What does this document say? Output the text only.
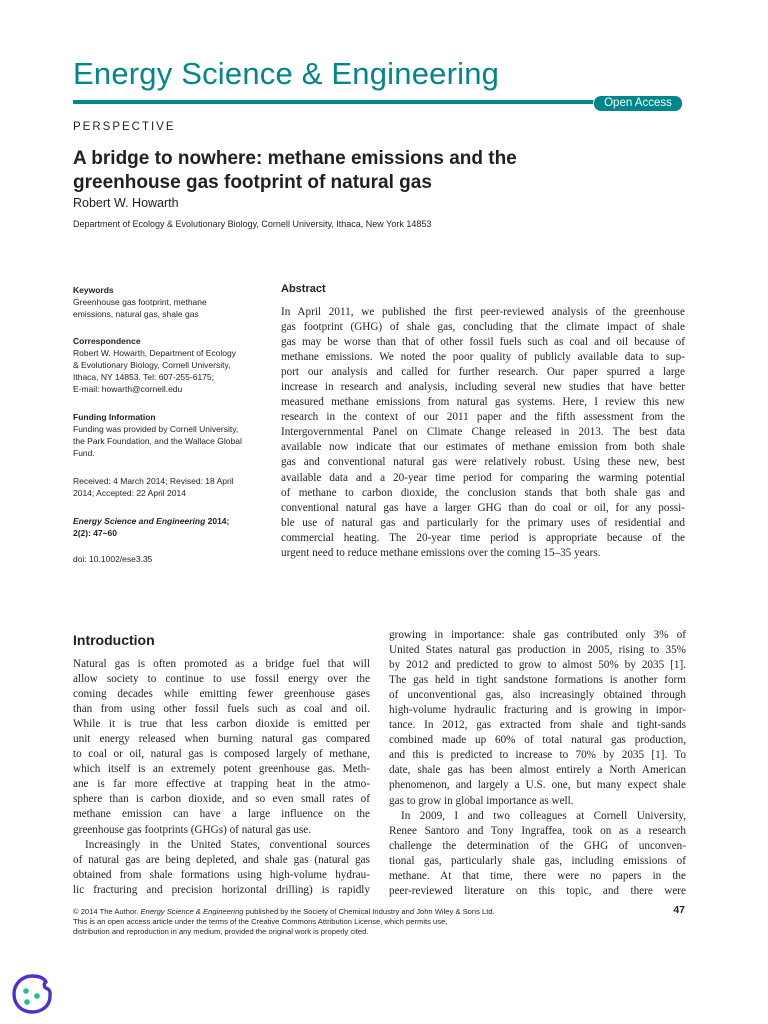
Energy Science & Engineering
Open Access
PERSPECTIVE
A bridge to nowhere: methane emissions and the
greenhouse gas footprint of natural gas
Robert W. Howarth
Department of Ecology & Evolutionary Biology, Cornell University, Ithaca, New York 14853
Keywords
Greenhouse gas footprint, methane
emissions, natural gas, shale gas
Correspondence
Robert W. Howarth, Department of Ecology
& Evolutionary Biology, Cornell University,
Ithaca, NY 14853. Tel: 607-255-6175;
E-mail: howarth@cornell.edu
Funding Information
Funding was provided by Cornell University,
the Park Foundation, and the Wallace Global
Fund.
Received: 4 March 2014; Revised: 18 April
2014; Accepted: 22 April 2014
Energy Science and Engineering 2014;
2(2): 47–60
doi: 10.1002/ese3.35
Abstract
In April 2011, we published the first peer-reviewed analysis of the greenhouse
gas footprint (GHG) of shale gas, concluding that the climate impact of shale
gas may be worse than that of other fossil fuels such as coal and oil because of
methane emissions. We noted the poor quality of publicly available data to sup-
port our analysis and called for further research. Our paper spurred a large
increase in research and analysis, including several new studies that have better
measured methane emissions from natural gas systems. Here, I review this new
research in the context of our 2011 paper and the fifth assessment from the
Intergovernmental Panel on Climate Change released in 2013. The best data
available now indicate that our estimates of methane emission from both shale
gas and conventional natural gas were relatively robust. Using these new, best
available data and a 20-year time period for comparing the warming potential
of methane to carbon dioxide, the conclusion stands that both shale gas and
conventional natural gas have a larger GHG than do coal or oil, for any possi-
ble use of natural gas and particularly for the primary uses of residential and
commercial heating. The 20-year time period is appropriate because of the
urgent need to reduce methane emissions over the coming 15–35 years.
Introduction
Natural gas is often promoted as a bridge fuel that will
allow society to continue to use fossil energy over the
coming decades while emitting fewer greenhouse gases
than from using other fossil fuels such as coal and oil.
While it is true that less carbon dioxide is emitted per
unit energy released when burning natural gas compared
to coal or oil, natural gas is composed largely of methane,
which itself is an extremely potent greenhouse gas. Meth-
ane is far more effective at trapping heat in the atmo-
sphere than is carbon dioxide, and so even small rates of
methane emission can have a large influence on the
greenhouse gas footprints (GHGs) of natural gas use.
Increasingly in the United States, conventional sources
of natural gas are being depleted, and shale gas (natural gas
obtained from shale formations using high-volume hydrau-
lic fracturing and precision horizontal drilling) is rapidly
growing in importance: shale gas contributed only 3% of
United States natural gas production in 2005, rising to 35%
by 2012 and predicted to grow to almost 50% by 2035 [1].
The gas held in tight sandstone formations is another form
of unconventional gas, also increasingly obtained through
high-volume hydraulic fracturing and is growing in impor-
tance. In 2012, gas extracted from shale and tight-sands
combined made up 60% of total natural gas production,
and this is predicted to increase to 70% by 2035 [1]. To
date, shale gas has been almost entirely a North American
phenomenon, and largely a U.S. one, but many expect shale
gas to grow in global importance as well.
In 2009, I and two colleagues at Cornell University,
Renee Santoro and Tony Ingraffea, took on as a research
challenge the determination of the GHG of unconven-
tional gas, particularly shale gas, including emissions of
methane. At that time, there were no papers in the
peer-reviewed literature on this topic, and there were
© 2014 The Author. Energy Science & Engineering published by the Society of Chemical Industry and John Wiley & Sons Ltd.
This is an open access article under the terms of the Creative Commons Attribution License, which permits use,
distribution and reproduction in any medium, provided the original work is properly cited.
47
